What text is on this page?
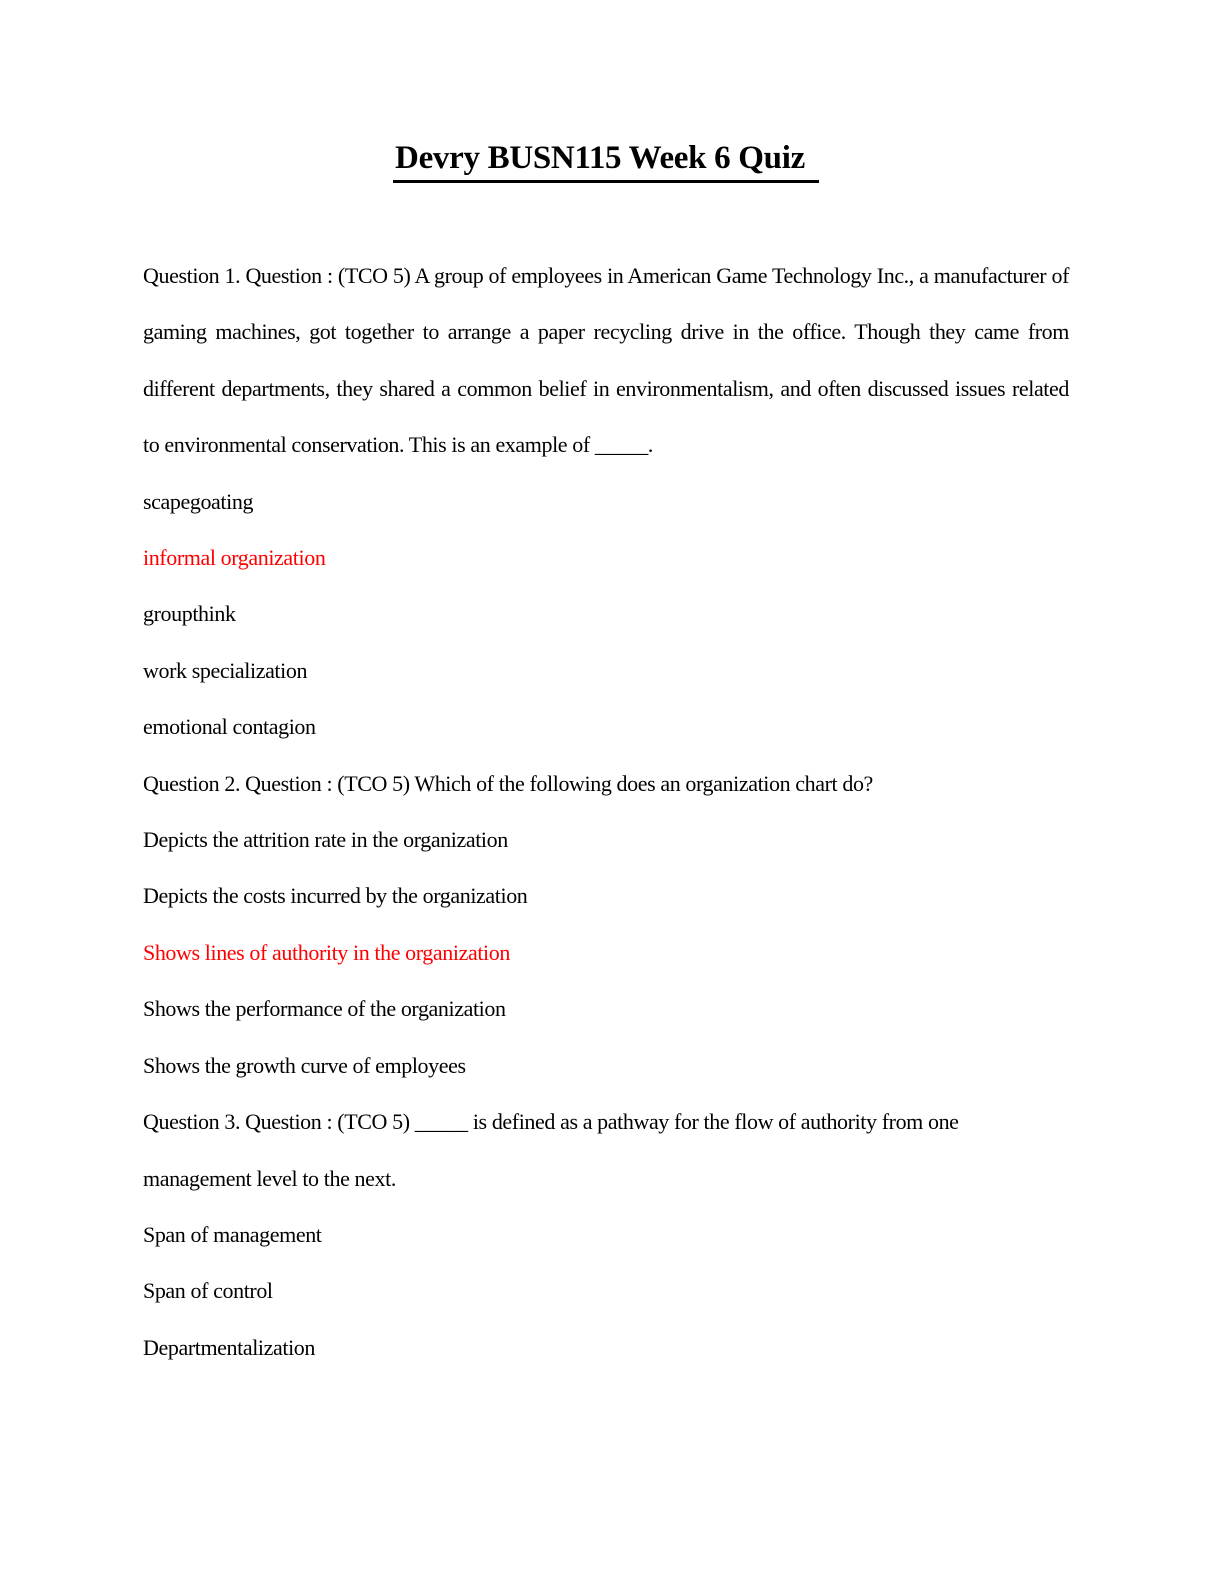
Devry BUSN115 Week 6 Quiz

Question 1. Question : (TCO 5) A group of employees in American Game Technology Inc., a manufacturer of gaming machines, got together to arrange a paper recycling drive in the office. Though they came from different departments, they shared a common belief in environmentalism, and often discussed issues related to environmental conservation. This is an example of _____.

scapegoating

informal organization

groupthink

work specialization

emotional contagion

Question 2. Question : (TCO 5) Which of the following does an organization chart do?

Depicts the attrition rate in the organization

Depicts the costs incurred by the organization

Shows lines of authority in the organization

Shows the performance of the organization

Shows the growth curve of employees

Question 3. Question : (TCO 5) _____ is defined as a pathway for the flow of authority from one management level to the next.

Span of management

Span of control

Departmentalization
